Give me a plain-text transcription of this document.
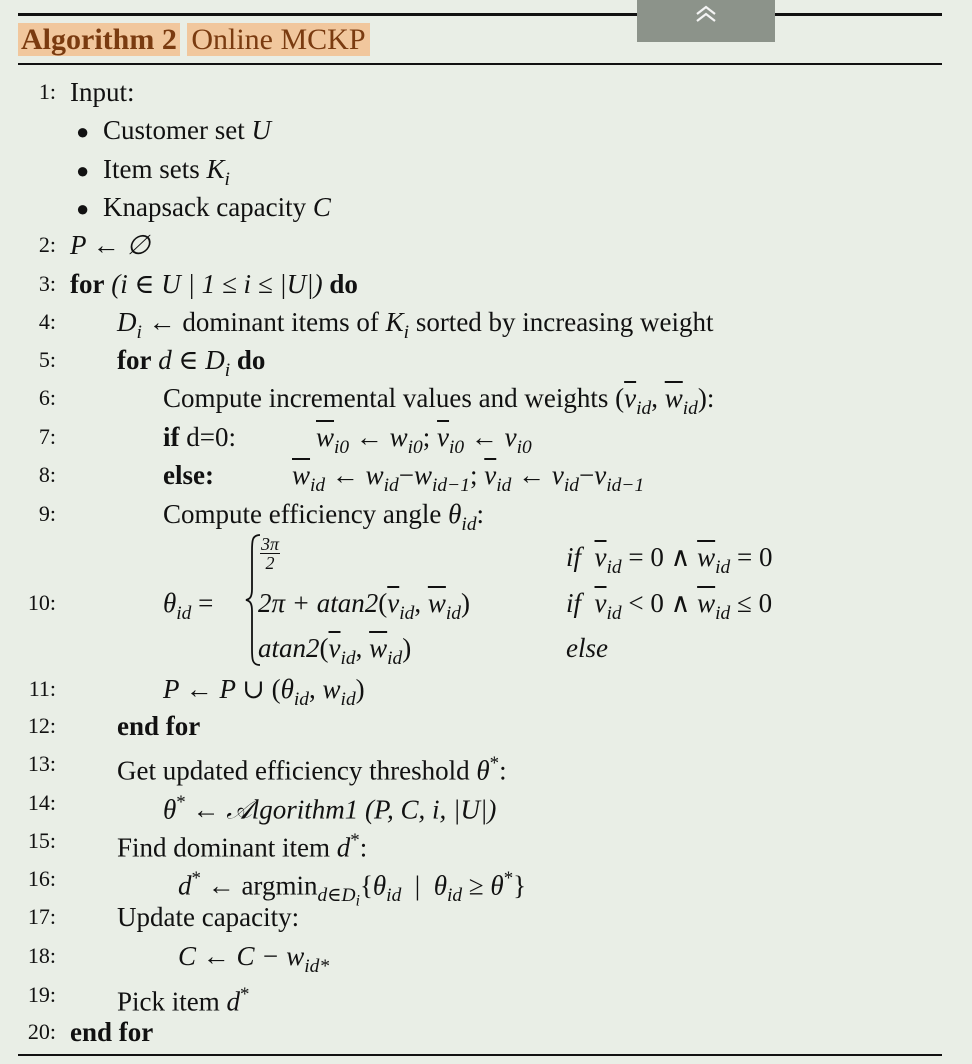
Algorithm 2 Online MCKP
1: Input:
● Customer set U
● Item sets $K_i$
● Knapsack capacity C
2: P ← ∅
3: for (i ∈ U | 1 ≤ i ≤ |U|) do
4: $D_i$ ← dominant items of $K_i$ sorted by increasing weight
5: for d ∈ $D_i$ do
6:	Compute incremental values and weights ($\overline{v}_{id}$, $\overline{w}_{id}$):
7:	if d=0:	$\overline{w}_{i0}$ ← $w_{i0}$; $\overline{v}_{i0}$ ← $v_{i0}$
8:	else:	$\overline{w}_{id}$ ← $w_{id}-w_{id-1}$; $\overline{v}_{id}$ ← $v_{id}-v_{id-1}$
9:	Compute efficiency angle $\theta_{id}$:
10:	$\theta_{id}$ =
$\frac{3\pi}{2}$	if $\overline{v}_{id} = 0$ ∧ $\overline{w}_{id} = 0$
$2\pi + atan2(\overline{v}_{id}$, $\overline{w}_{id}$)	if $\overline{v}_{id} < 0$ ∧ $\overline{w}_{id} \le 0$
$atan2(\overline{v}_{id}$, $\overline{w}_{id}$)	else
11:	P ← P ∪ ($\theta_{id}$, $w_{id}$)
12: end for
13: Get updated efficiency threshold θ*:
14:	θ* ← 𝒜lgorithm1 (P, C, i, |U|)
15: Find dominant item d*:
16:	d* ← $argmin_{d\in D_i}\{\theta_{id}$  |  $\theta_{id} \ge \theta^*$}
17: Update capacity:
18:	C ← $C - w_{id*}$
19: Pick item d*
20: end for
